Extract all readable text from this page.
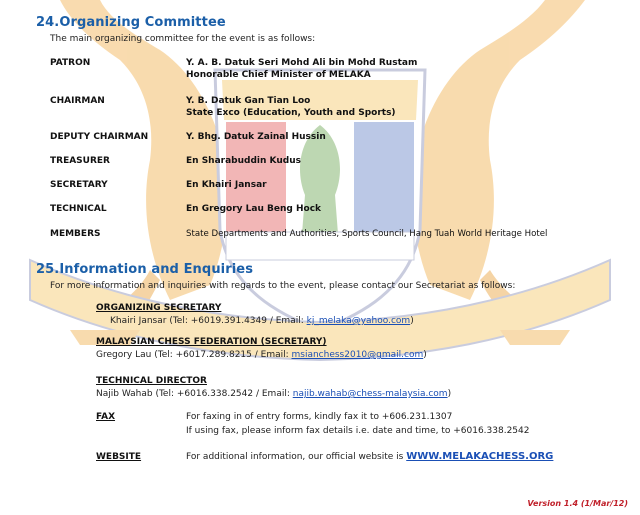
24.Organizing Committee
The main organizing committee for the event is as follows:
PATRON	Y. A. B. Datuk Seri Mohd Ali bin Mohd Rustam
Honorable Chief Minister of MELAKA
CHAIRMAN	Y. B. Datuk Gan Tian Loo
State Exco (Education, Youth and Sports)
DEPUTY CHAIRMAN	Y. Bhg. Datuk Zainal Hussin
TREASURER	En Sharabuddin Kudus
SECRETARY	En Khairi Jansar
TECHNICAL	En Gregory Lau Beng Hock
MEMBERS	State Departments and Authorities, Sports Council, Hang Tuah World Heritage Hotel
25.Information and Enquiries
For more information and inquiries with regards to the event, please contact our Secretariat as follows:
ORGANIZING SECRETARY
Khairi Jansar (Tel: +6019.391.4349 / Email: kj_melaka@yahoo.com)
MALAYSIAN CHESS FEDERATION (SECRETARY)
Gregory Lau (Tel: +6017.289.8215 / Email: msianchess2010@gmail.com)
TECHNICAL DIRECTOR
Najib Wahab (Tel: +6016.338.2542 / Email: najib.wahab@chess-malaysia.com)
FAX	For faxing in of entry forms, kindly fax it to +606.231.1307
If using fax, please inform fax details i.e. date and time, to +6016.338.2542
WEBSITE	For additional information, our official website is WWW.MELAKACHESS.ORG
Version 1.4 (1/Mar/12)
